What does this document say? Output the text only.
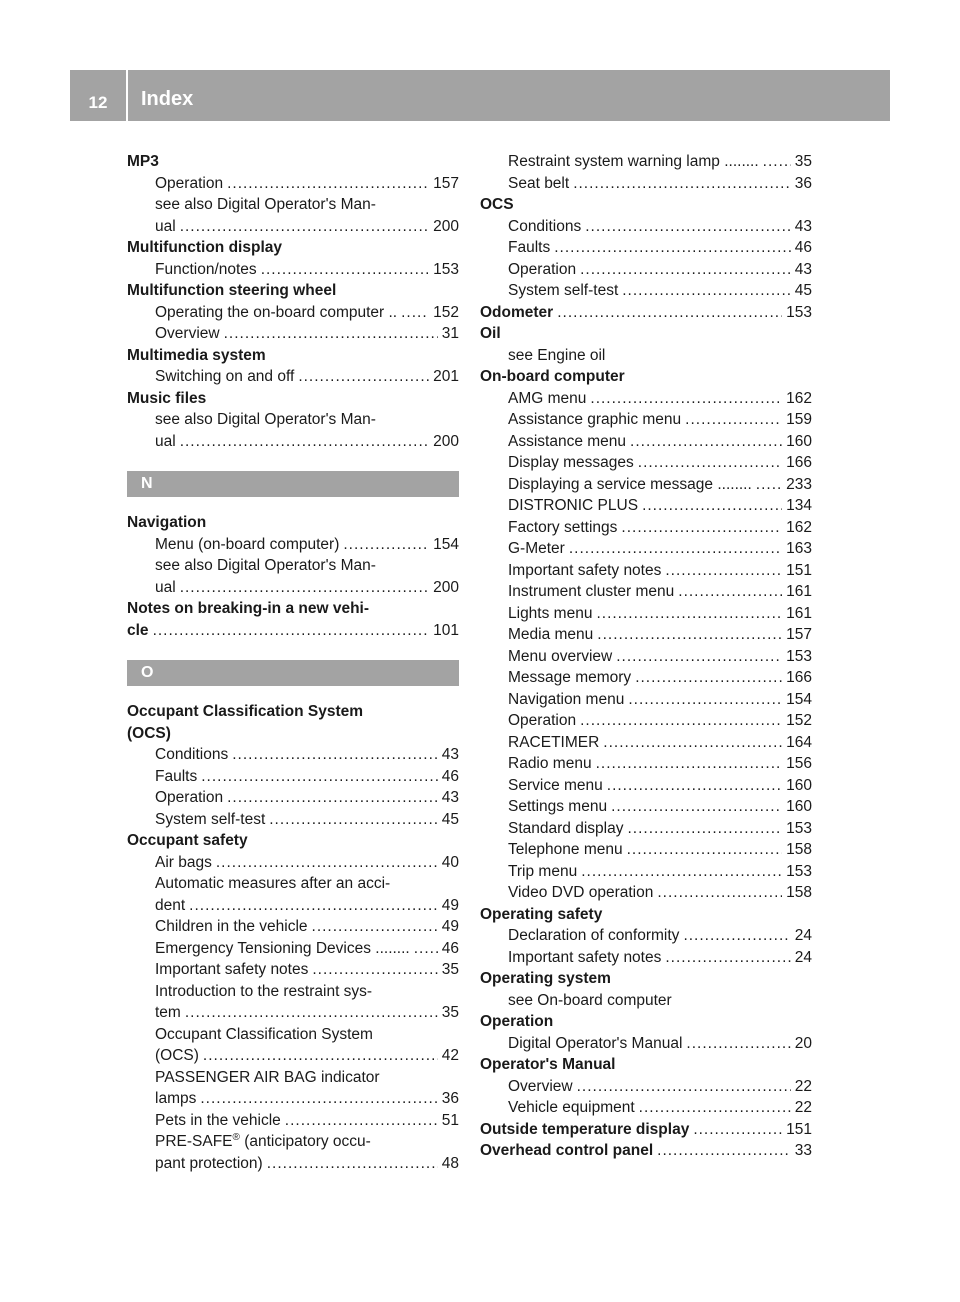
12	Index
MP3
Operation .....	157
see also Digital Operator's Man-
ual .....	200
Multifunction display
Function/notes .....	153
Multifunction steering wheel
Operating the on-board computer .. ..... 152
Overview .....	31
Multimedia system
Switching on and off .....	201
Music files
see also Digital Operator's Man-
ual .....	200
N
Navigation
Menu (on-board computer) .....	154
see also Digital Operator's Man-
ual .....	200
Notes on breaking-in a new vehi-
cle .....	101
O
Occupant Classification System
(OCS)
Conditions .....	43
Faults .....	46
Operation .....	43
System self-test .....	45
Occupant safety
Air bags .....	40
Automatic measures after an acci-
dent .....	49
Children in the vehicle .....	49
Emergency Tensioning Devices ........ ..... 46
Important safety notes .....	35
Introduction to the restraint sys-
tem .....	35
Occupant Classification System
(OCS) .....	42
PASSENGER AIR BAG indicator
lamps .....	36
Pets in the vehicle .....	51
PRE-SAFE® (anticipatory occu-
pant protection) .....	48
Restraint system warning lamp ........ ..... 35
Seat belt .....	36
OCS
Conditions .....	43
Faults .....	46
Operation .....	43
System self-test .....	45
Odometer .....	153
Oil
see Engine oil
On-board computer
AMG menu .....	162
Assistance graphic menu .....	159
Assistance menu .....	160
Display messages .....	166
Displaying a service message ........ ..... 233
DISTRONIC PLUS .....	134
Factory settings .....	162
G-Meter .....	163
Important safety notes .....	151
Instrument cluster menu .....	161
Lights menu .....	161
Media menu .....	157
Menu overview .....	153
Message memory .....	166
Navigation menu .....	154
Operation .....	152
RACETIMER .....	164
Radio menu .....	156
Service menu .....	160
Settings menu .....	160
Standard display .....	153
Telephone menu .....	158
Trip menu .....	153
Video DVD operation .....	158
Operating safety
Declaration of conformity .....	24
Important safety notes .....	24
Operating system
see On-board computer
Operation
Digital Operator's Manual .....	20
Operator's Manual
Overview .....	22
Vehicle equipment .....	22
Outside temperature display .....	151
Overhead control panel .....	33
